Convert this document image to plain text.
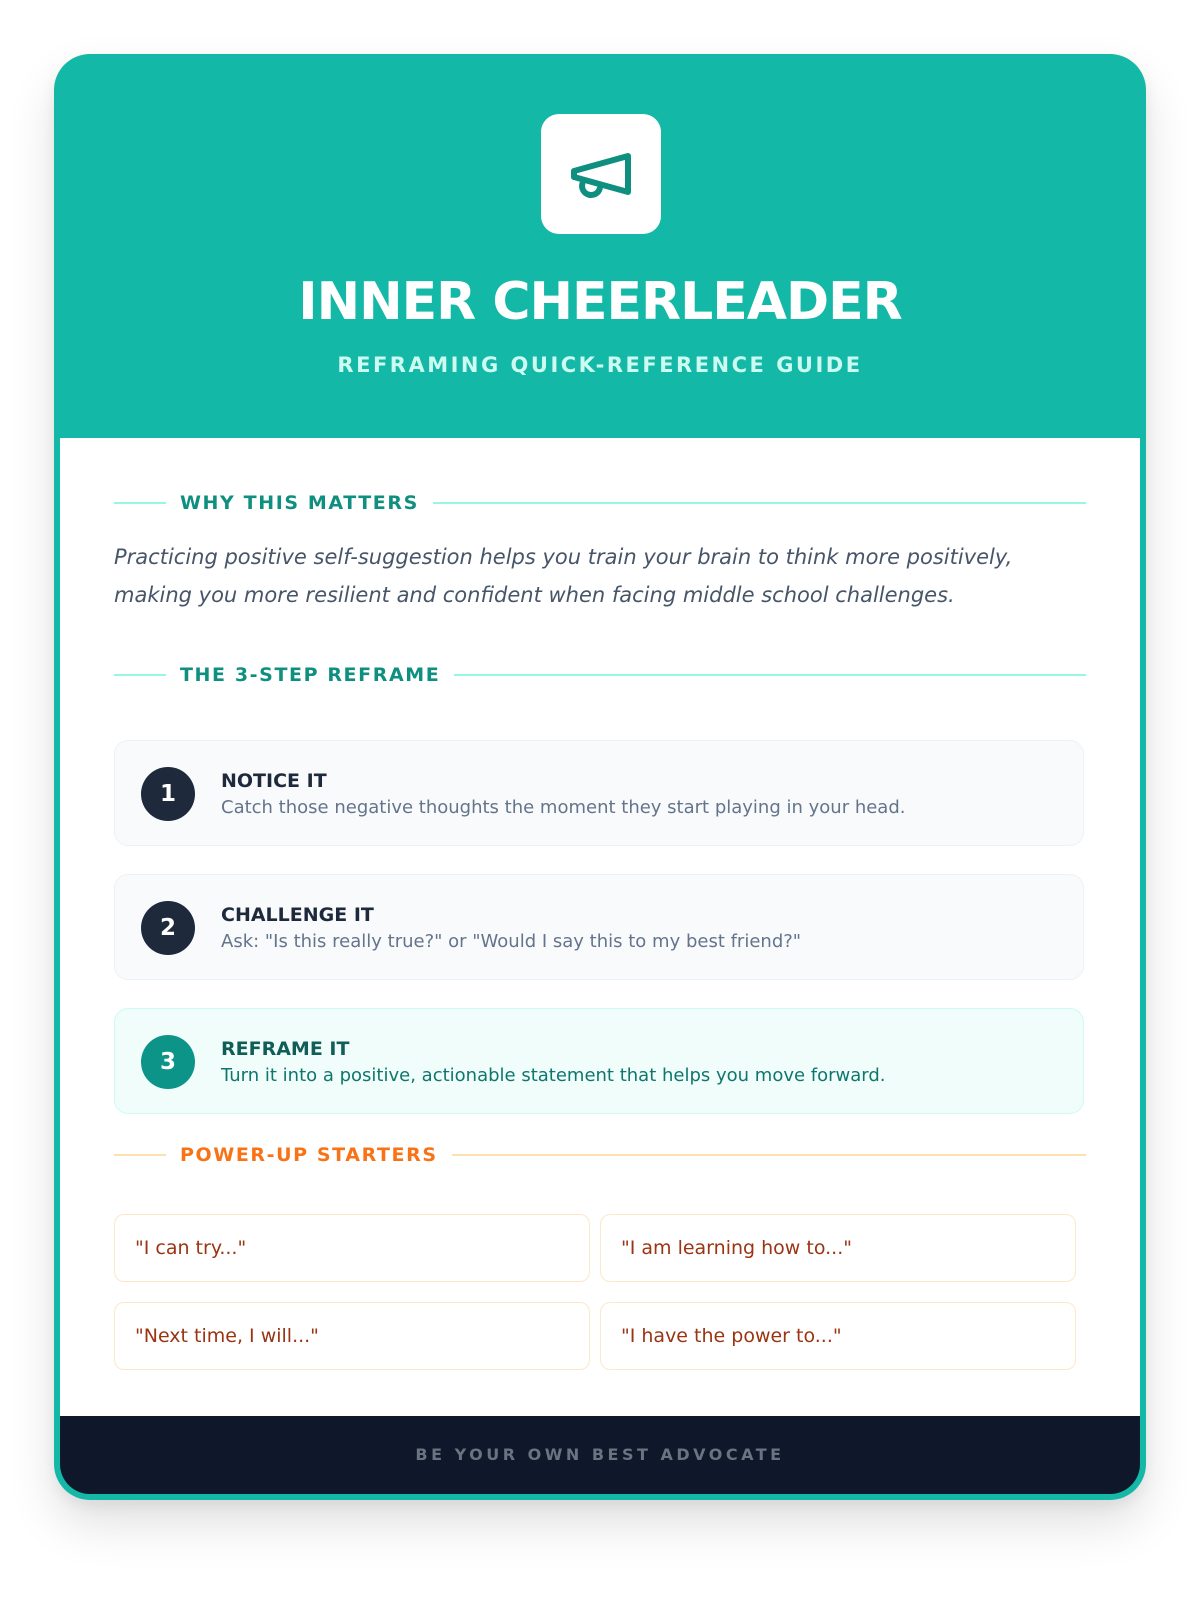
INNER CHEERLEADER
REFRAMING QUICK-REFERENCE GUIDE
WHY THIS MATTERS
Practicing positive self-suggestion helps you train your brain to think more positively, making you more resilient and confident when facing middle school challenges.
THE 3-STEP REFRAME
1	NOTICE IT
Catch those negative thoughts the moment they start playing in your head.
2	CHALLENGE IT
Ask: "Is this really true?" or "Would I say this to my best friend?"
3	REFRAME IT
Turn it into a positive, actionable statement that helps you move forward.
POWER-UP STARTERS
"I can try..."	"I am learning how to..."
"Next time, I will..."	"I have the power to..."
BE YOUR OWN BEST ADVOCATE
